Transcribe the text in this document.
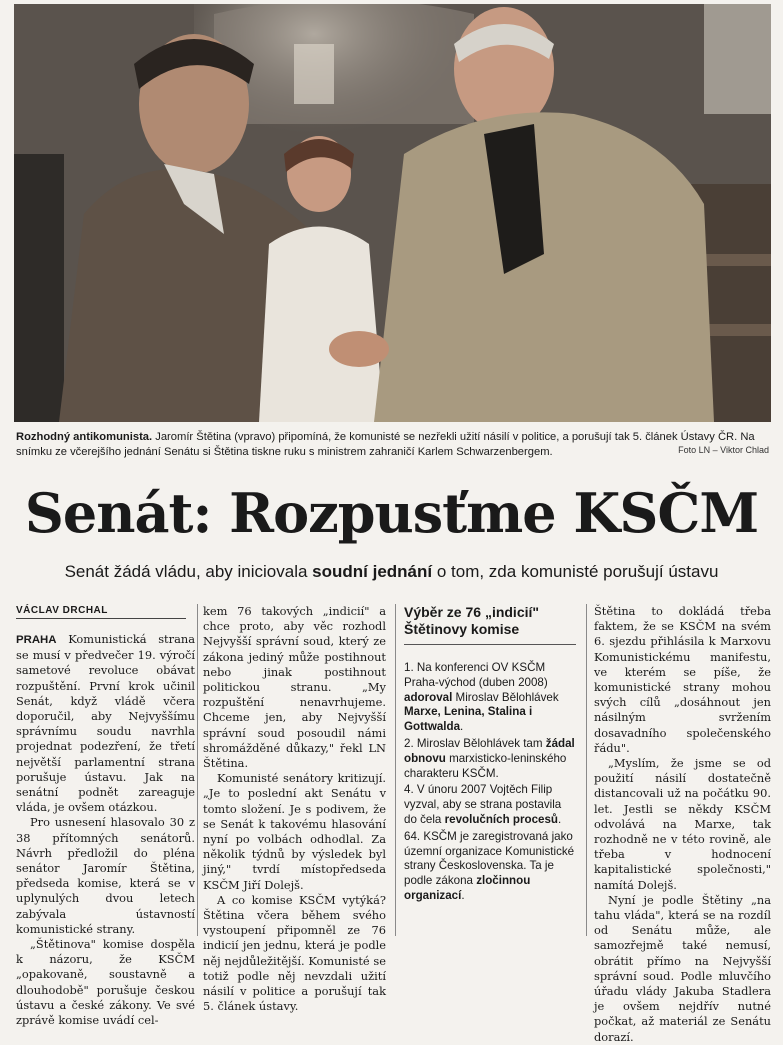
Rozhodný antikomunista. Jaromír Štětina (vpravo) připomíná, že komunisté se nezřekli užití násilí v politice, a porušují tak 5. článek Ústavy ČR. Na snímku ze včerejšího jednání Senátu si Štětina tiskne ruku s ministrem zahraničí Karlem Schwarzenbergem.	Foto LN – Viktor Chlad
Senát: Rozpusťme KSČM
Senát žádá vládu, aby iniciovala soudní jednání o tom, zda komunisté porušují ústavu
VÁCLAV DRCHAL

PRAHA Komunistická strana se musí v předvečer 19. výročí sametové revoluce obávat rozpuštění. První krok učinil Senát, když vládě včera doporučil, aby Nejvyššímu správnímu soudu navrhla projednat podezření, že třetí největší parlamentní strana porušuje ústavu. Jak na senátní podnět zareaguje vláda, je ovšem otázkou.

Pro usnesení hlasovalo 30 z 38 přítomných senátorů. Návrh předložil do pléna senátor Jaromír Štětina, předseda komise, která se v uplynulých dvou letech zabývala ústavností komunistické strany.

„Štětinova" komise dospěla k názoru, že KSČM „opakovaně, soustavně a dlouhodobě" porušuje českou ústavu a české zákony. Ve své zprávě komise uvádí cel-

kem 76 takových „indicií" a chce proto, aby věc rozhodl Nejvyšší správní soud, který ze zákona jediný může postihnout nebo jinak postihnout politickou stranu. „My rozpuštění nenavrhujeme. Chceme jen, aby Nejvyšší správní soud posoudil námi shromážděné důkazy," řekl LN Štětina.

Komunisté senátory kritizují. „Je to poslední akt Senátu v tomto složení. Je s podivem, že se Senát k takovému hlasování nyní po volbách odhodlal. Za několik týdnů by výsledek byl jiný," tvrdí místopředseda KSČM Jiří Dolejš.

A co komise KSČM vytýká? Štětina včera během svého vystoupení připomněl ze 76 indicií jen jednu, která je podle něj nejdůležitější. Komunisté se totiž podle něj nevzdali užití násilí v politice a porušují tak 5. článek ústavy.

Výběr ze 76 „indicií" Štětinovy komise
1. Na konferenci OV KSČM Praha-východ (duben 2008) adoroval Miroslav Bělohlávek Marxe, Lenina, Stalina i Gottwalda.
2. Miroslav Bělohlávek tam žádal obnovu marxisticko-leninského charakteru KSČM.
4. V únoru 2007 Vojtěch Filip vyzval, aby se strana postavila do čela revolučních procesů.
64. KSČM je zaregistrovaná jako územní organizace Komunistické strany Československa. Ta je podle zákona zločinnou organizací.

Štětina to dokládá třeba faktem, že se KSČM na svém 6. sjezdu přihlásila k Marxovu Komunistickému manifestu, ve kterém se píše, že komunistické strany mohou svých cílů „dosáhnout jen násilným svržením dosavadního společenského řádu".

„Myslím, že jsme se od použití násilí dostatečně distancovali už na počátku 90. let. Jestli se někdy KSČM odvolává na Marxe, tak rozhodně ne v této rovině, ale třeba v hodnocení kapitalistické společnosti," namítá Dolejš.

Nyní je podle Štětiny „na tahu vláda", která se na rozdíl od Senátu může, ale samozřejmě také nemusí, obrátit přímo na Nejvyšší správní soud. Podle mluvčího úřadu vlády Jakuba Stadlera je ovšem nejdřív nutné počkat, až materiál ze Senátu dorazí.
